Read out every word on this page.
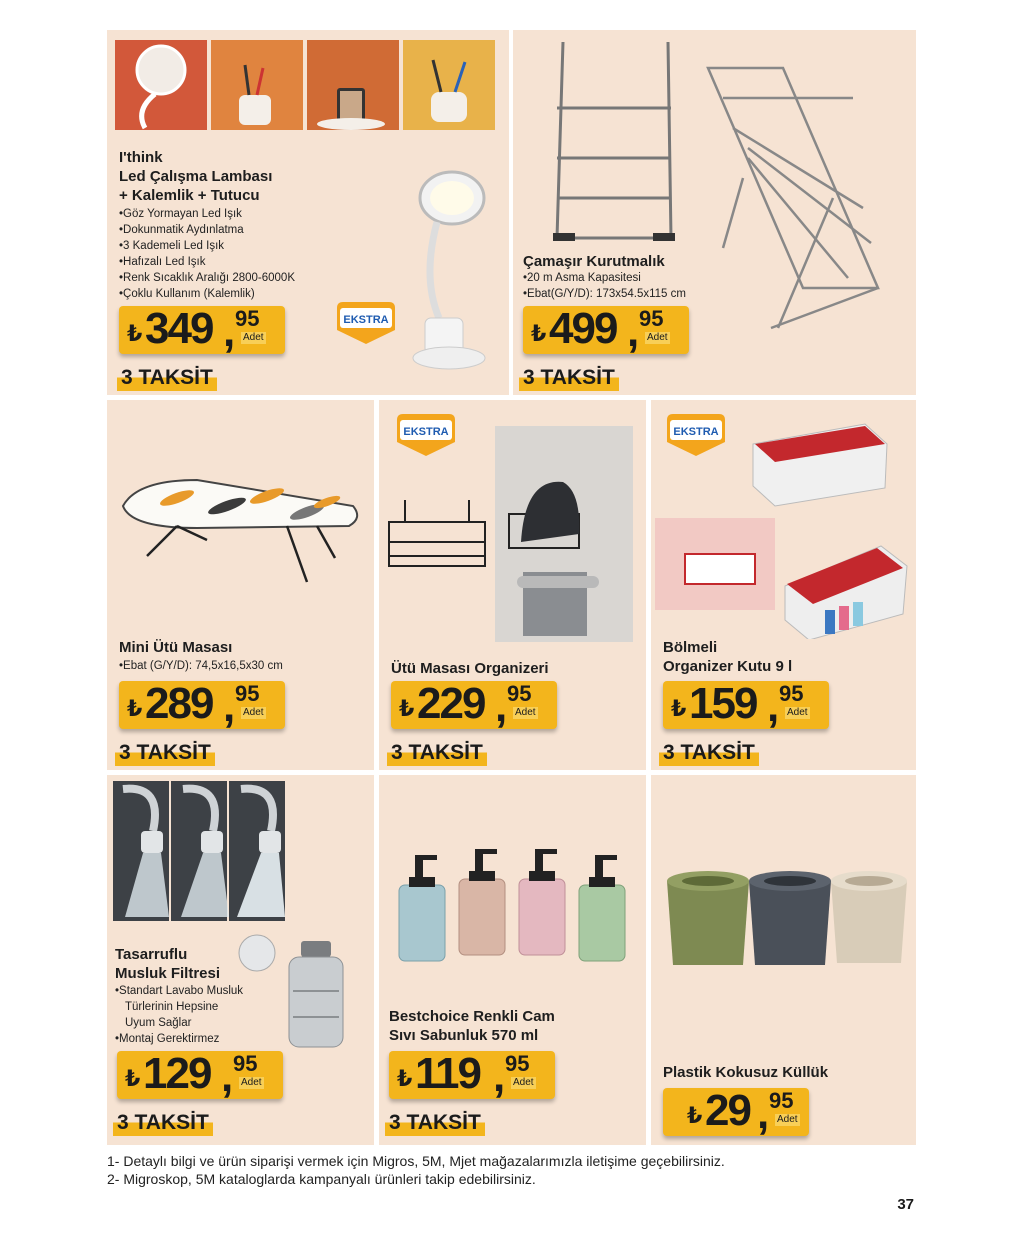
I'think
Led Çalışma Lambası
+ Kalemlik + Tutucu
• Göz Yormayan Led Işık
• Dokunmatik Aydınlatma
• 3 Kademeli Led Işık
• Hafızalı Led Işık
• Renk Sıcaklık Aralığı 2800-6000K
• Çoklu Kullanım (Kalemlik)
EKSTRA
₺ 349 , 95
Adet
3 TAKSİT
Çamaşır Kurutmalık
• 20 m Asma Kapasitesi
• Ebat(G/Y/D): 173x54.5x115 cm
₺ 499 , 95
Adet
3 TAKSİT
Mini Ütü Masası
• Ebat (G/Y/D): 74,5x16,5x30 cm
₺ 289 , 95
Adet
3 TAKSİT
EKSTRA
Ütü Masası Organizeri
₺ 229 , 95
Adet
3 TAKSİT
EKSTRA
Bölmeli
Organizer Kutu 9 l
₺ 159 , 95
Adet
3 TAKSİT
Tasarruflu
Musluk Filtresi
• Standart Lavabo Musluk
Türlerinin Hepsine
Uyum Sağlar
• Montaj Gerektirmez
₺ 129 , 95
Adet
3 TAKSİT
Bestchoice Renkli Cam
Sıvı Sabunluk 570 ml
₺ 119 , 95
Adet
3 TAKSİT
Plastik Kokusuz Küllük
₺ 29 , 95
Adet
1- Detaylı bilgi ve ürün siparişi vermek için Migros, 5M, Mjet mağazalarımızla iletişime geçebilirsiniz.
2- Migroskop, 5M kataloglarda kampanyalı ürünleri takip edebilirsiniz.
37
